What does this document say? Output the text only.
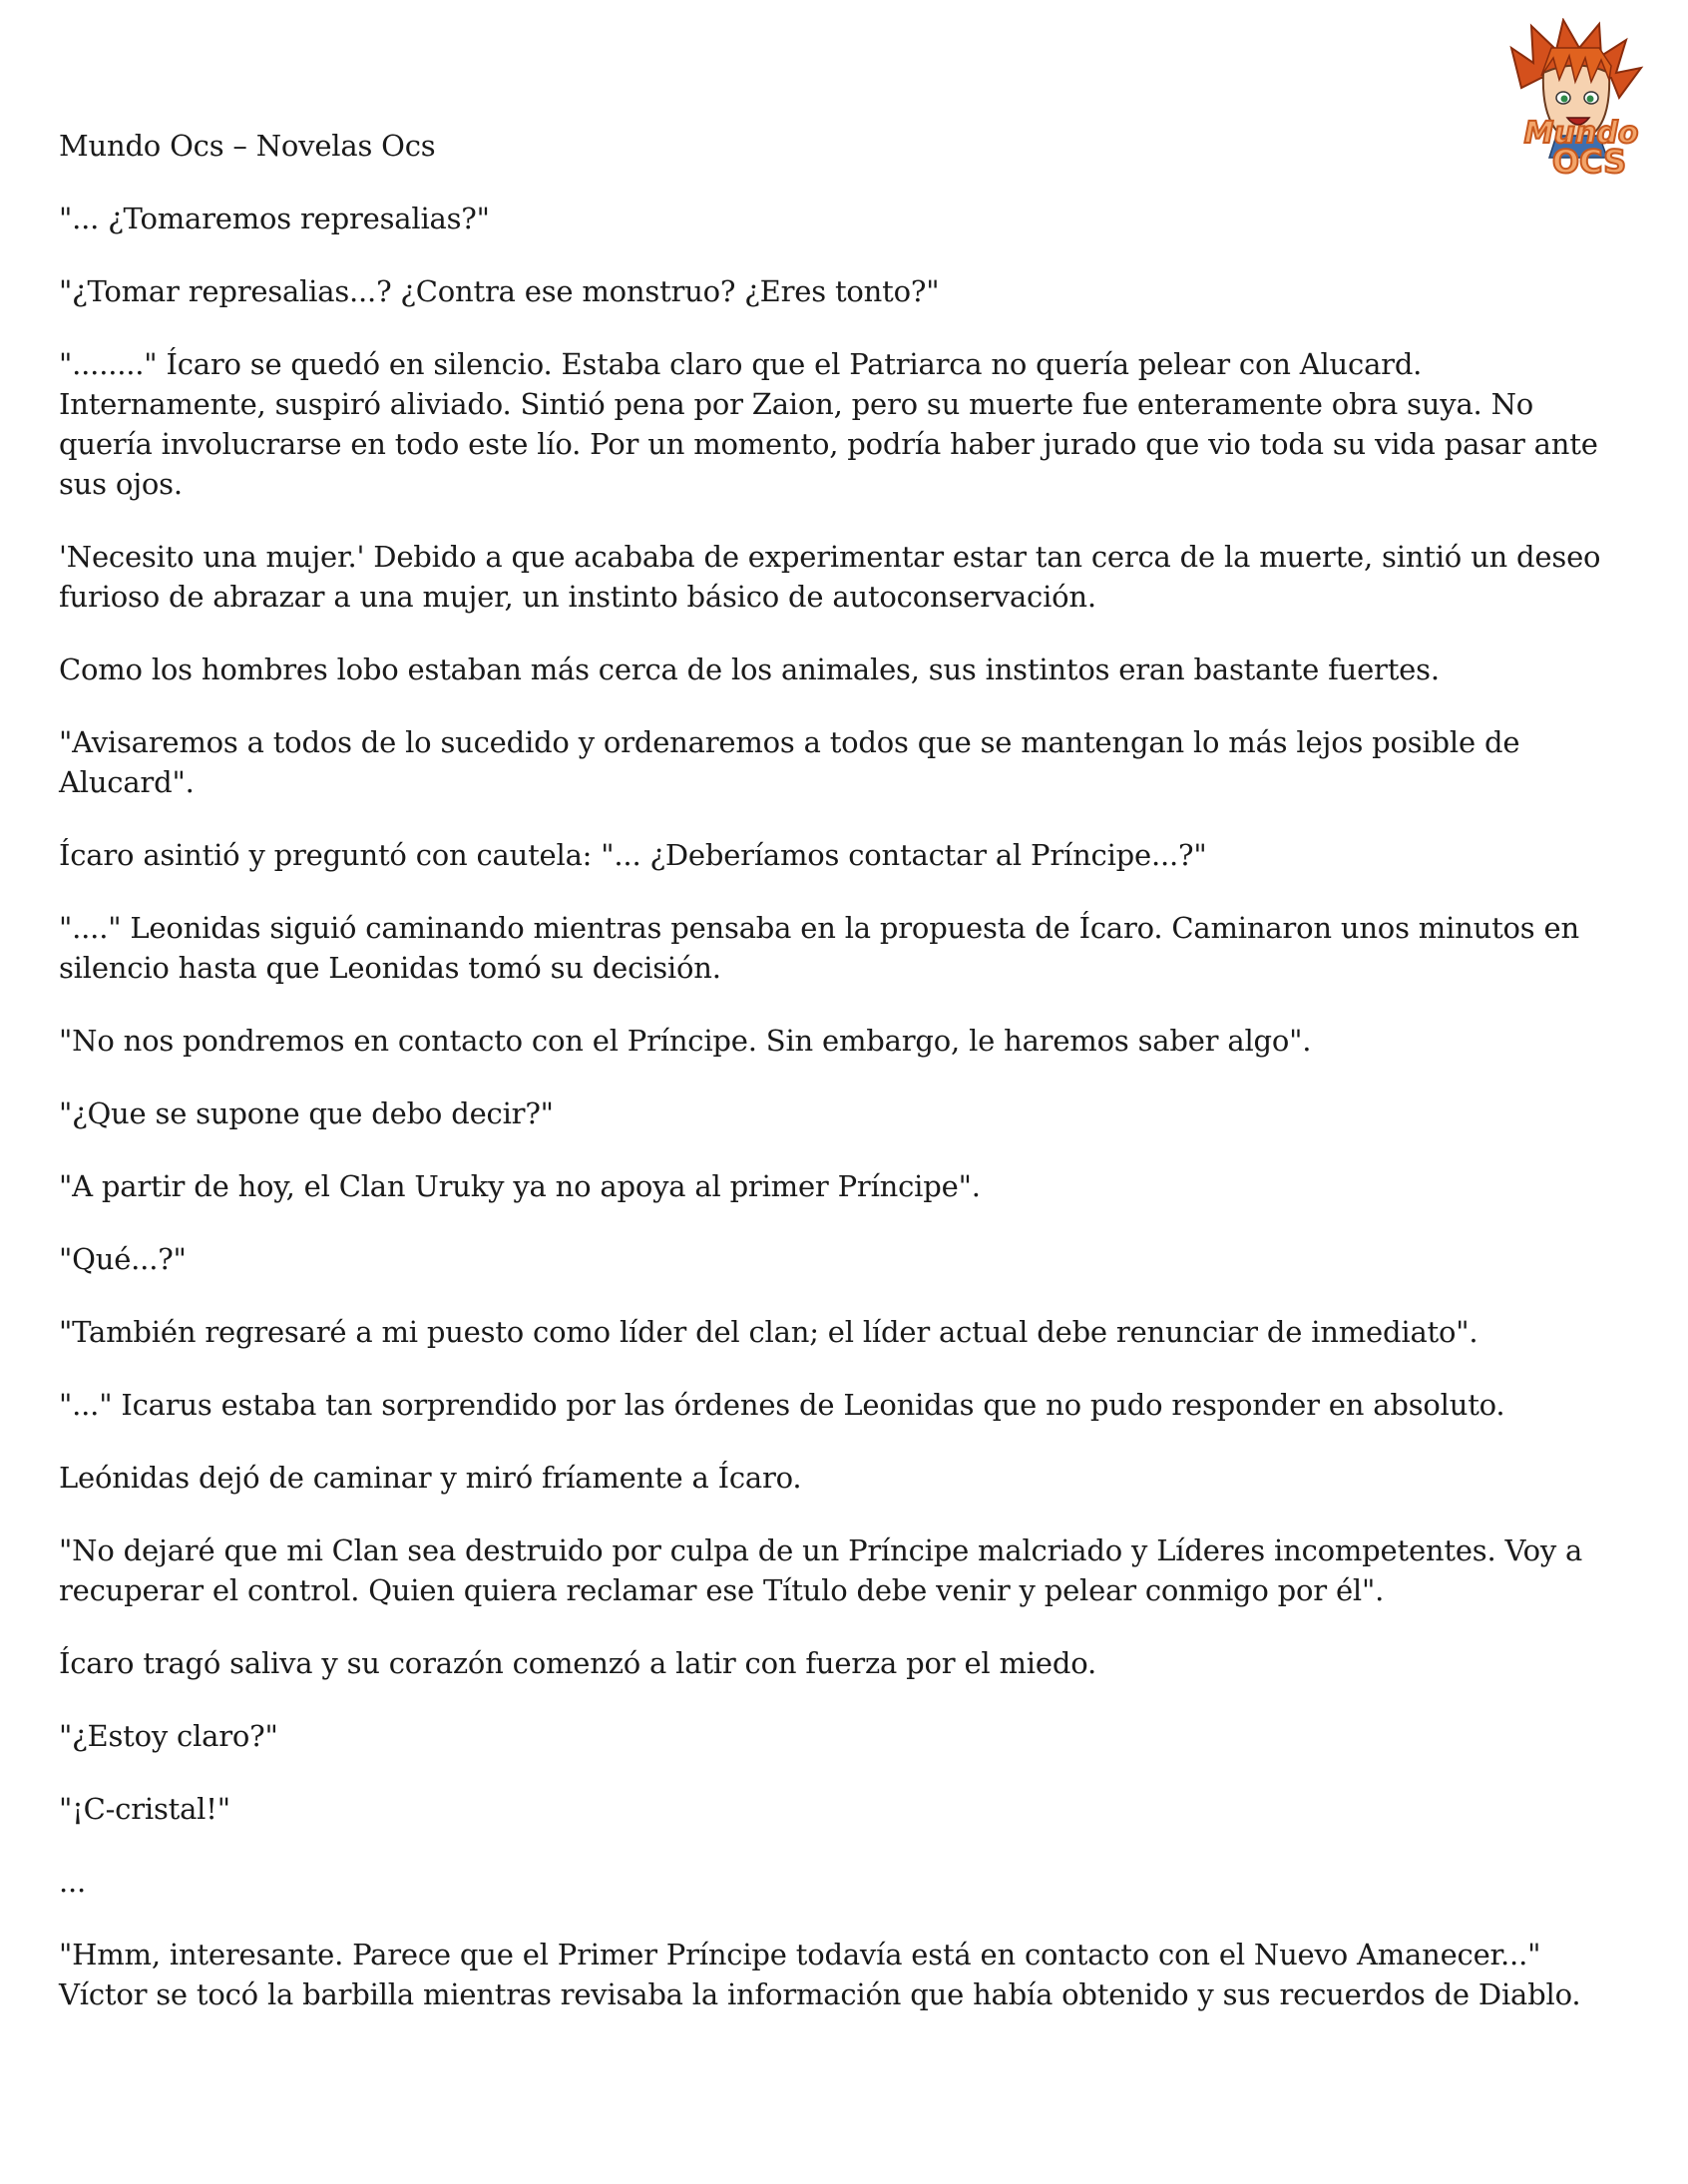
Mundo
OCS

Mundo Ocs – Novelas Ocs

"... ¿Tomaremos represalias?"

"¿Tomar represalias...? ¿Contra ese monstruo? ¿Eres tonto?"

"........" Ícaro se quedó en silencio. Estaba claro que el Patriarca no quería pelear con Alucard. Internamente, suspiró aliviado. Sintió pena por Zaion, pero su muerte fue enteramente obra suya. No quería involucrarse en todo este lío. Por un momento, podría haber jurado que vio toda su vida pasar ante sus ojos.

'Necesito una mujer.' Debido a que acababa de experimentar estar tan cerca de la muerte, sintió un deseo furioso de abrazar a una mujer, un instinto básico de autoconservación.

Como los hombres lobo estaban más cerca de los animales, sus instintos eran bastante fuertes.

"Avisaremos a todos de lo sucedido y ordenaremos a todos que se mantengan lo más lejos posible de Alucard".

Ícaro asintió y preguntó con cautela: "... ¿Deberíamos contactar al Príncipe...?"

"...." Leonidas siguió caminando mientras pensaba en la propuesta de Ícaro. Caminaron unos minutos en silencio hasta que Leonidas tomó su decisión.

"No nos pondremos en contacto con el Príncipe. Sin embargo, le haremos saber algo".

"¿Que se supone que debo decir?"

"A partir de hoy, el Clan Uruky ya no apoya al primer Príncipe".

"Qué...?"

"También regresaré a mi puesto como líder del clan; el líder actual debe renunciar de inmediato".

"..." Icarus estaba tan sorprendido por las órdenes de Leonidas que no pudo responder en absoluto.

Leónidas dejó de caminar y miró fríamente a Ícaro.

"No dejaré que mi Clan sea destruido por culpa de un Príncipe malcriado y Líderes incompetentes. Voy a recuperar el control. Quien quiera reclamar ese Título debe venir y pelear conmigo por él".

Ícaro tragó saliva y su corazón comenzó a latir con fuerza por el miedo.

"¿Estoy claro?"

"¡C-cristal!"

...

"Hmm, interesante. Parece que el Primer Príncipe todavía está en contacto con el Nuevo Amanecer..." Víctor se tocó la barbilla mientras revisaba la información que había obtenido y sus recuerdos de Diablo.
